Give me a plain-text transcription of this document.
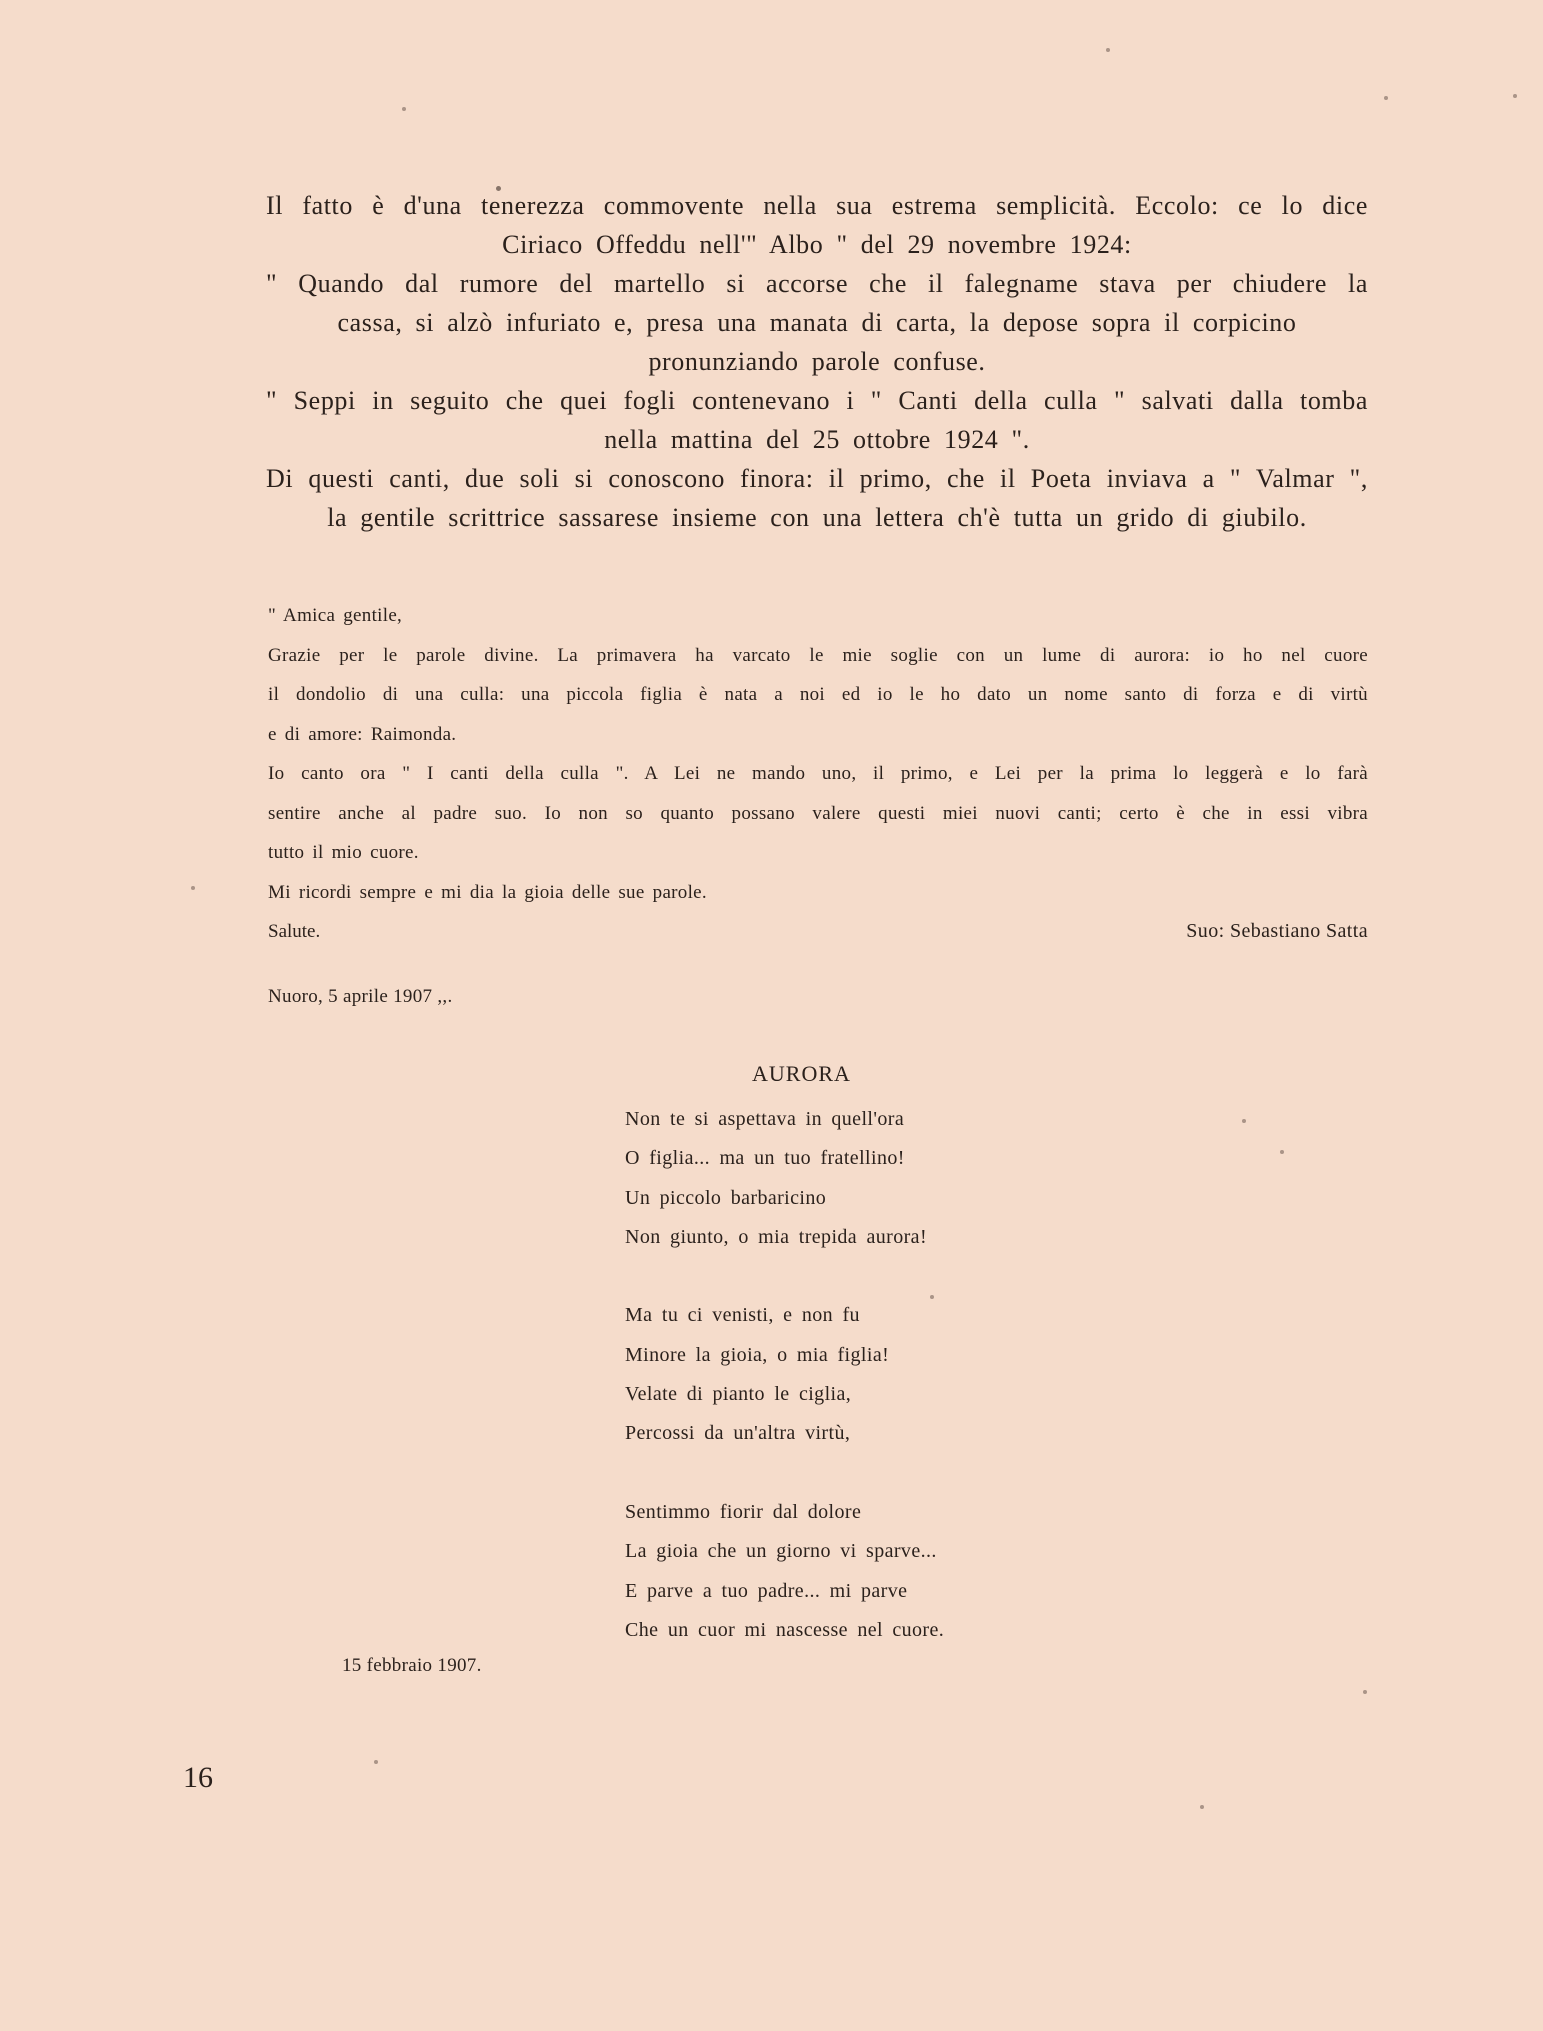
Il fatto è d'una tenerezza commovente nella sua estrema semplicità. Eccolo: ce lo dice
Ciriaco Offeddu nell'" Albo " del 29 novembre 1924:
" Quando dal rumore del martello si accorse che il falegname stava per chiudere la
cassa, si alzò infuriato e, presa una manata di carta, la depose sopra il corpicino
pronunziando parole confuse.
" Seppi in seguito che quei fogli contenevano i " Canti della culla " salvati dalla tomba
nella mattina del 25 ottobre 1924 ".
Di questi canti, due soli si conoscono finora: il primo, che il Poeta inviava a " Valmar ",
la gentile scrittrice sassarese insieme con una lettera ch'è tutta un grido di giubilo.
" Amica gentile,
Grazie per le parole divine. La primavera ha varcato le mie soglie con un lume di aurora: io ho nel cuore
il dondolio di una culla: una piccola figlia è nata a noi ed io le ho dato un nome santo di forza e di virtù
e di amore: Raimonda.
Io canto ora " I canti della culla ". A Lei ne mando uno, il primo, e Lei per la prima lo leggerà e lo farà
sentire anche al padre suo. Io non so quanto possano valere questi miei nuovi canti; certo è che in essi vibra
tutto il mio cuore.
Mi ricordi sempre e mi dia la gioia delle sue parole.
Salute.	Suo: Sebastiano Satta
Nuoro, 5 aprile 1907 ,,.
AURORA
Non te si aspettava in quell'ora
O figlia... ma un tuo fratellino!
Un piccolo barbaricino
Non giunto, o mia trepida aurora!
Ma tu ci venisti, e non fu
Minore la gioia, o mia figlia!
Velate di pianto le ciglia,
Percossi da un'altra virtù,
Sentimmo fiorir dal dolore
La gioia che un giorno vi sparve...
E parve a tuo padre... mi parve
Che un cuor mi nascesse nel cuore.
15 febbraio 1907.
16
